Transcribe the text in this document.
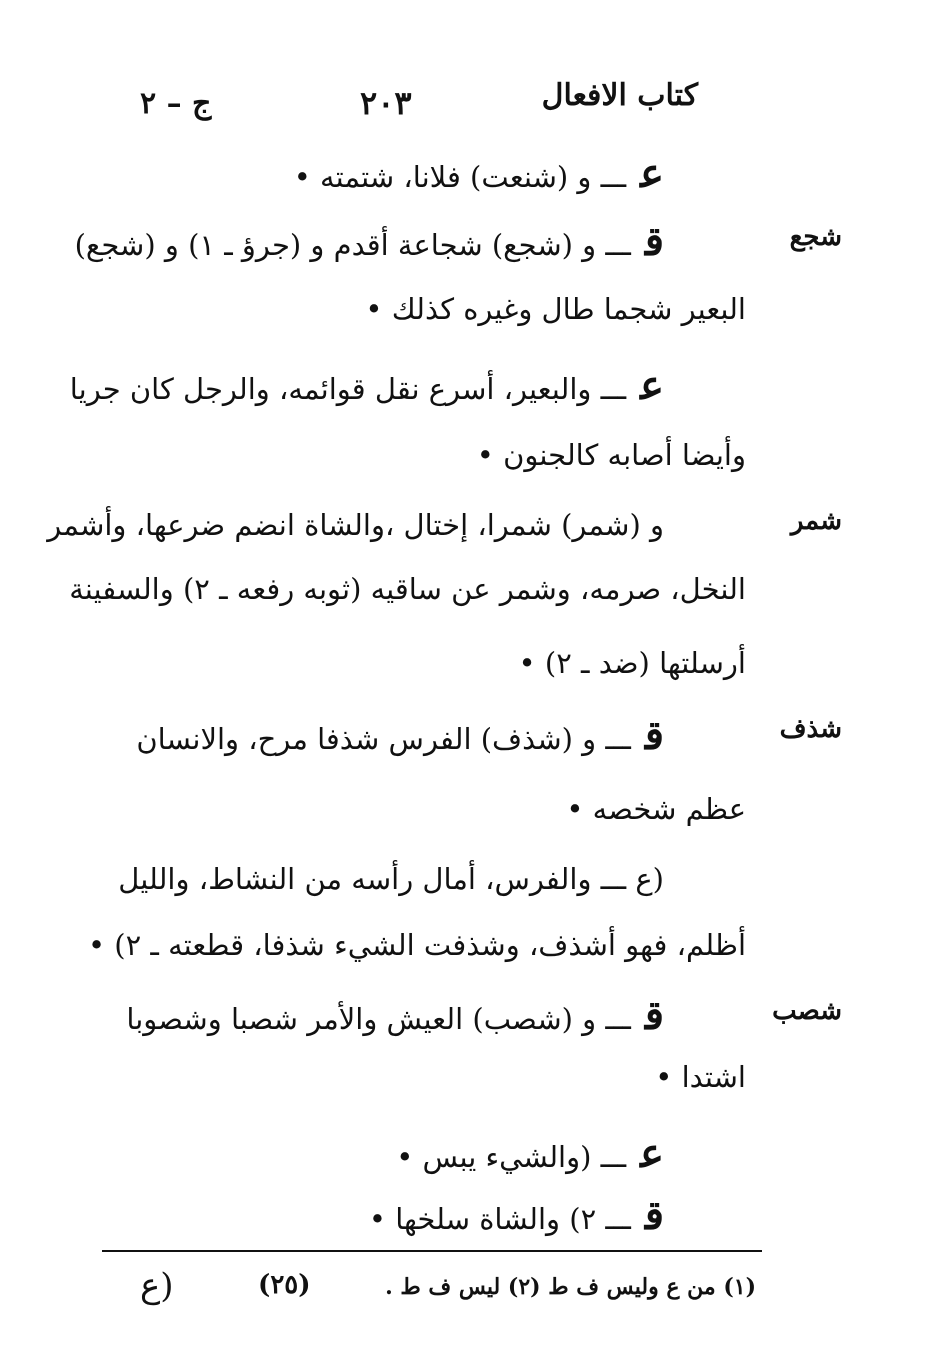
كتاب الافعال
٢٠٣
ج – ٢
شجع
شمر
شذف
شصب
عـــ و (شنعت) فلانا، شتمته •
قـــ و (شجع) شجاعة أقدم و (جرؤ ـ ١) و (شجع)
البعير شجما طال وغيره كذلك •
عـــ والبعير، أسرع نقل قوائمه، والرجل كان جريا
وأيضا أصابه كالجنون •
و (شمر) شمرا، إختال ،والشاة انضم ضرعها، وأشمر
النخل، صرمه، وشمر عن ساقيه (ثوبه رفعه ـ ٢) والسفينة
أرسلتها (ضد ـ ٢) •
قـــ و (شذف) الفرس شذفا مرح، والانسان
عظم شخصه •
(ع ـــ والفرس، أمال رأسه من النشاط، والليل
أظلم، فهو أشذف، وشذفت الشيء شذفا، قطعته ـ ٢) •
قـــ و (شصب) العيش والأمر شصبا وشصوبا
اشتدا •
عـــ (والشيء يبس •
قـــ ٢) والشاة سلخها •
(١) من ع وليس ف ط (٢) ليس ف ط .
(٢٥)
(ع
